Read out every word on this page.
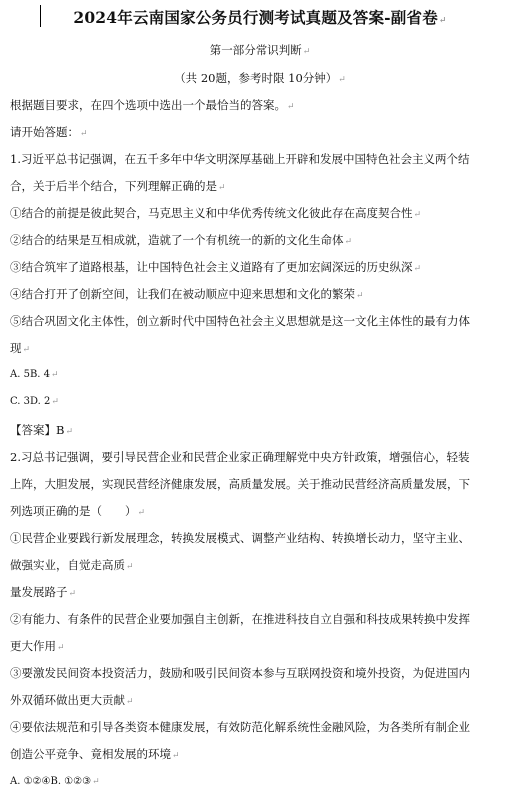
2024年云南国家公务员行测考试真题及答案-副省卷↵
第一部分常识判断↵
（共 20题，参考时限 10分钟）↵
根据题目要求，在四个选项中选出一个最恰当的答案。↵
请开始答题：↵
1.习近平总书记强调，在五千多年中华文明深厚基础上开辟和发展中国特色社会主义两个结
合，关于后半个结合，下列理解正确的是↵
①结合的前提是彼此契合，马克思主义和中华优秀传统文化彼此存在高度契合性↵
②结合的结果是互相成就，造就了一个有机统一的新的文化生命体↵
③结合筑牢了道路根基，让中国特色社会主义道路有了更加宏阔深远的历史纵深↵
④结合打开了创新空间，让我们在被动顺应中迎来思想和文化的繁荣↵
⑤结合巩固文化主体性，创立新时代中国特色社会主义思想就是这一文化主体性的最有力体
现↵
A. 5B. 4↵
C. 3D. 2↵
【答案】B↵
2.习总书记强调，要引导民营企业和民营企业家正确理解党中央方针政策，增强信心，轻装
上阵，大胆发展，实现民营经济健康发展，高质量发展。关于推动民营经济高质量发展，下
列选项正确的是（　　）↵
①民营企业要践行新发展理念，转换发展模式、调整产业结构、转换增长动力，坚守主业、
做强实业，自觉走高质↵
量发展路子↵
②有能力、有条件的民营企业要加强自主创新，在推进科技自立自强和科技成果转换中发挥
更大作用↵
③要激发民间资本投资活力，鼓励和吸引民间资本参与互联网投资和境外投资，为促进国内
外双循环做出更大贡献↵
④要依法规范和引导各类资本健康发展，有效防范化解系统性金融风险，为各类所有制企业
创造公平竞争、竟相发展的环境↵
A. ①②④B. ①②③↵
